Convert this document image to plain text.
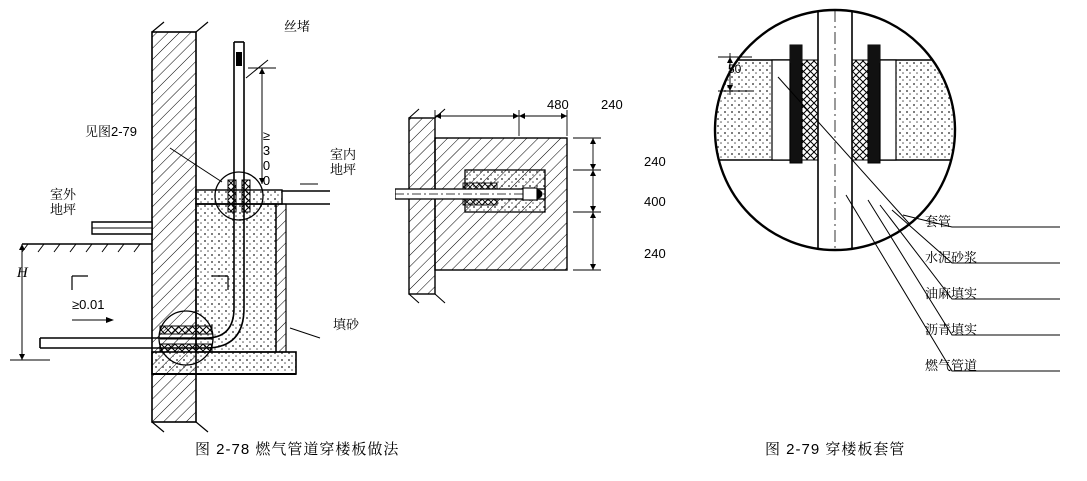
丝堵
见图2-79
室内
地坪
室外
地坪
填砂
≥300
≥0.01
H
图 2-78 燃气管道穿楼板做法
480 240
240
400
240
50
套管
水泥砂浆
油麻填实
沥青填实
燃气管道
图 2-79 穿楼板套管
